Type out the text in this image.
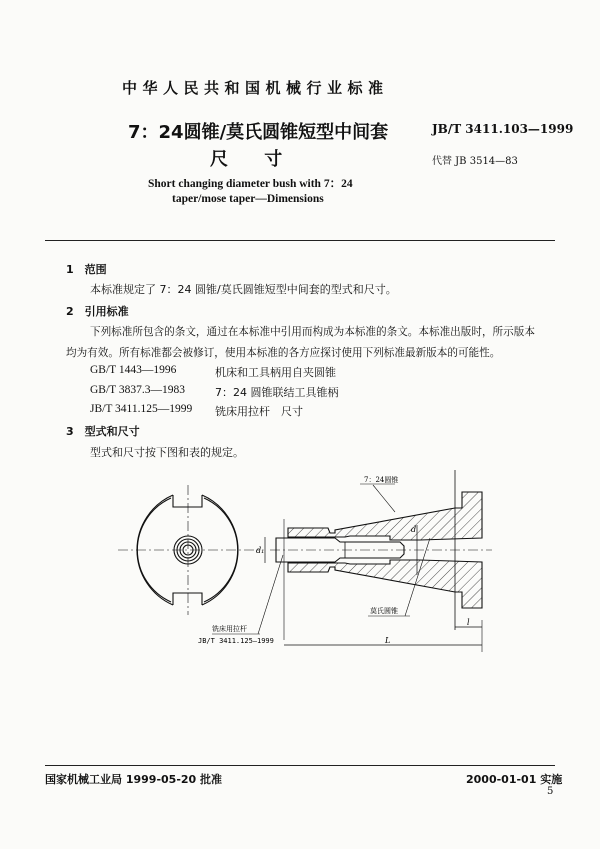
中华人民共和国机械行业标准
7：24圆锥/莫氏圆锥短型中间套
尺 寸
JB/T 3411.103—1999
代替 JB 3514—83
Short changing diameter bush with 7：24
taper/mose taper—Dimensions
1　 范围
本标准规定了 7：24 圆锥/莫氏圆锥短型中间套的型式和尺寸。
2　 引用标准
下列标准所包含的条文，通过在本标准中引用而构成为本标准的条文。本标准出版时，所示版本
均为有效。所有标准都会被修订，使用本标准的各方应探讨使用下列标准最新版本的可能性。
GB/T 1443—1996	机床和工具柄用自夹圆锥
GB/T 3837.3—1983	7：24 圆锥联结工具锥柄
JB/T 3411.125—1999 铣床用拉杆　尺寸
3　 型式和尺寸
型式和尺寸按下图和表的规定。
7：24圆锥
莫氏圆锥
铣床用拉杆
JB/T 3411.125—1999
d₁
d
l
L
国家机械工业局 1999-05-20 批准	2000-01-01 实施
5
